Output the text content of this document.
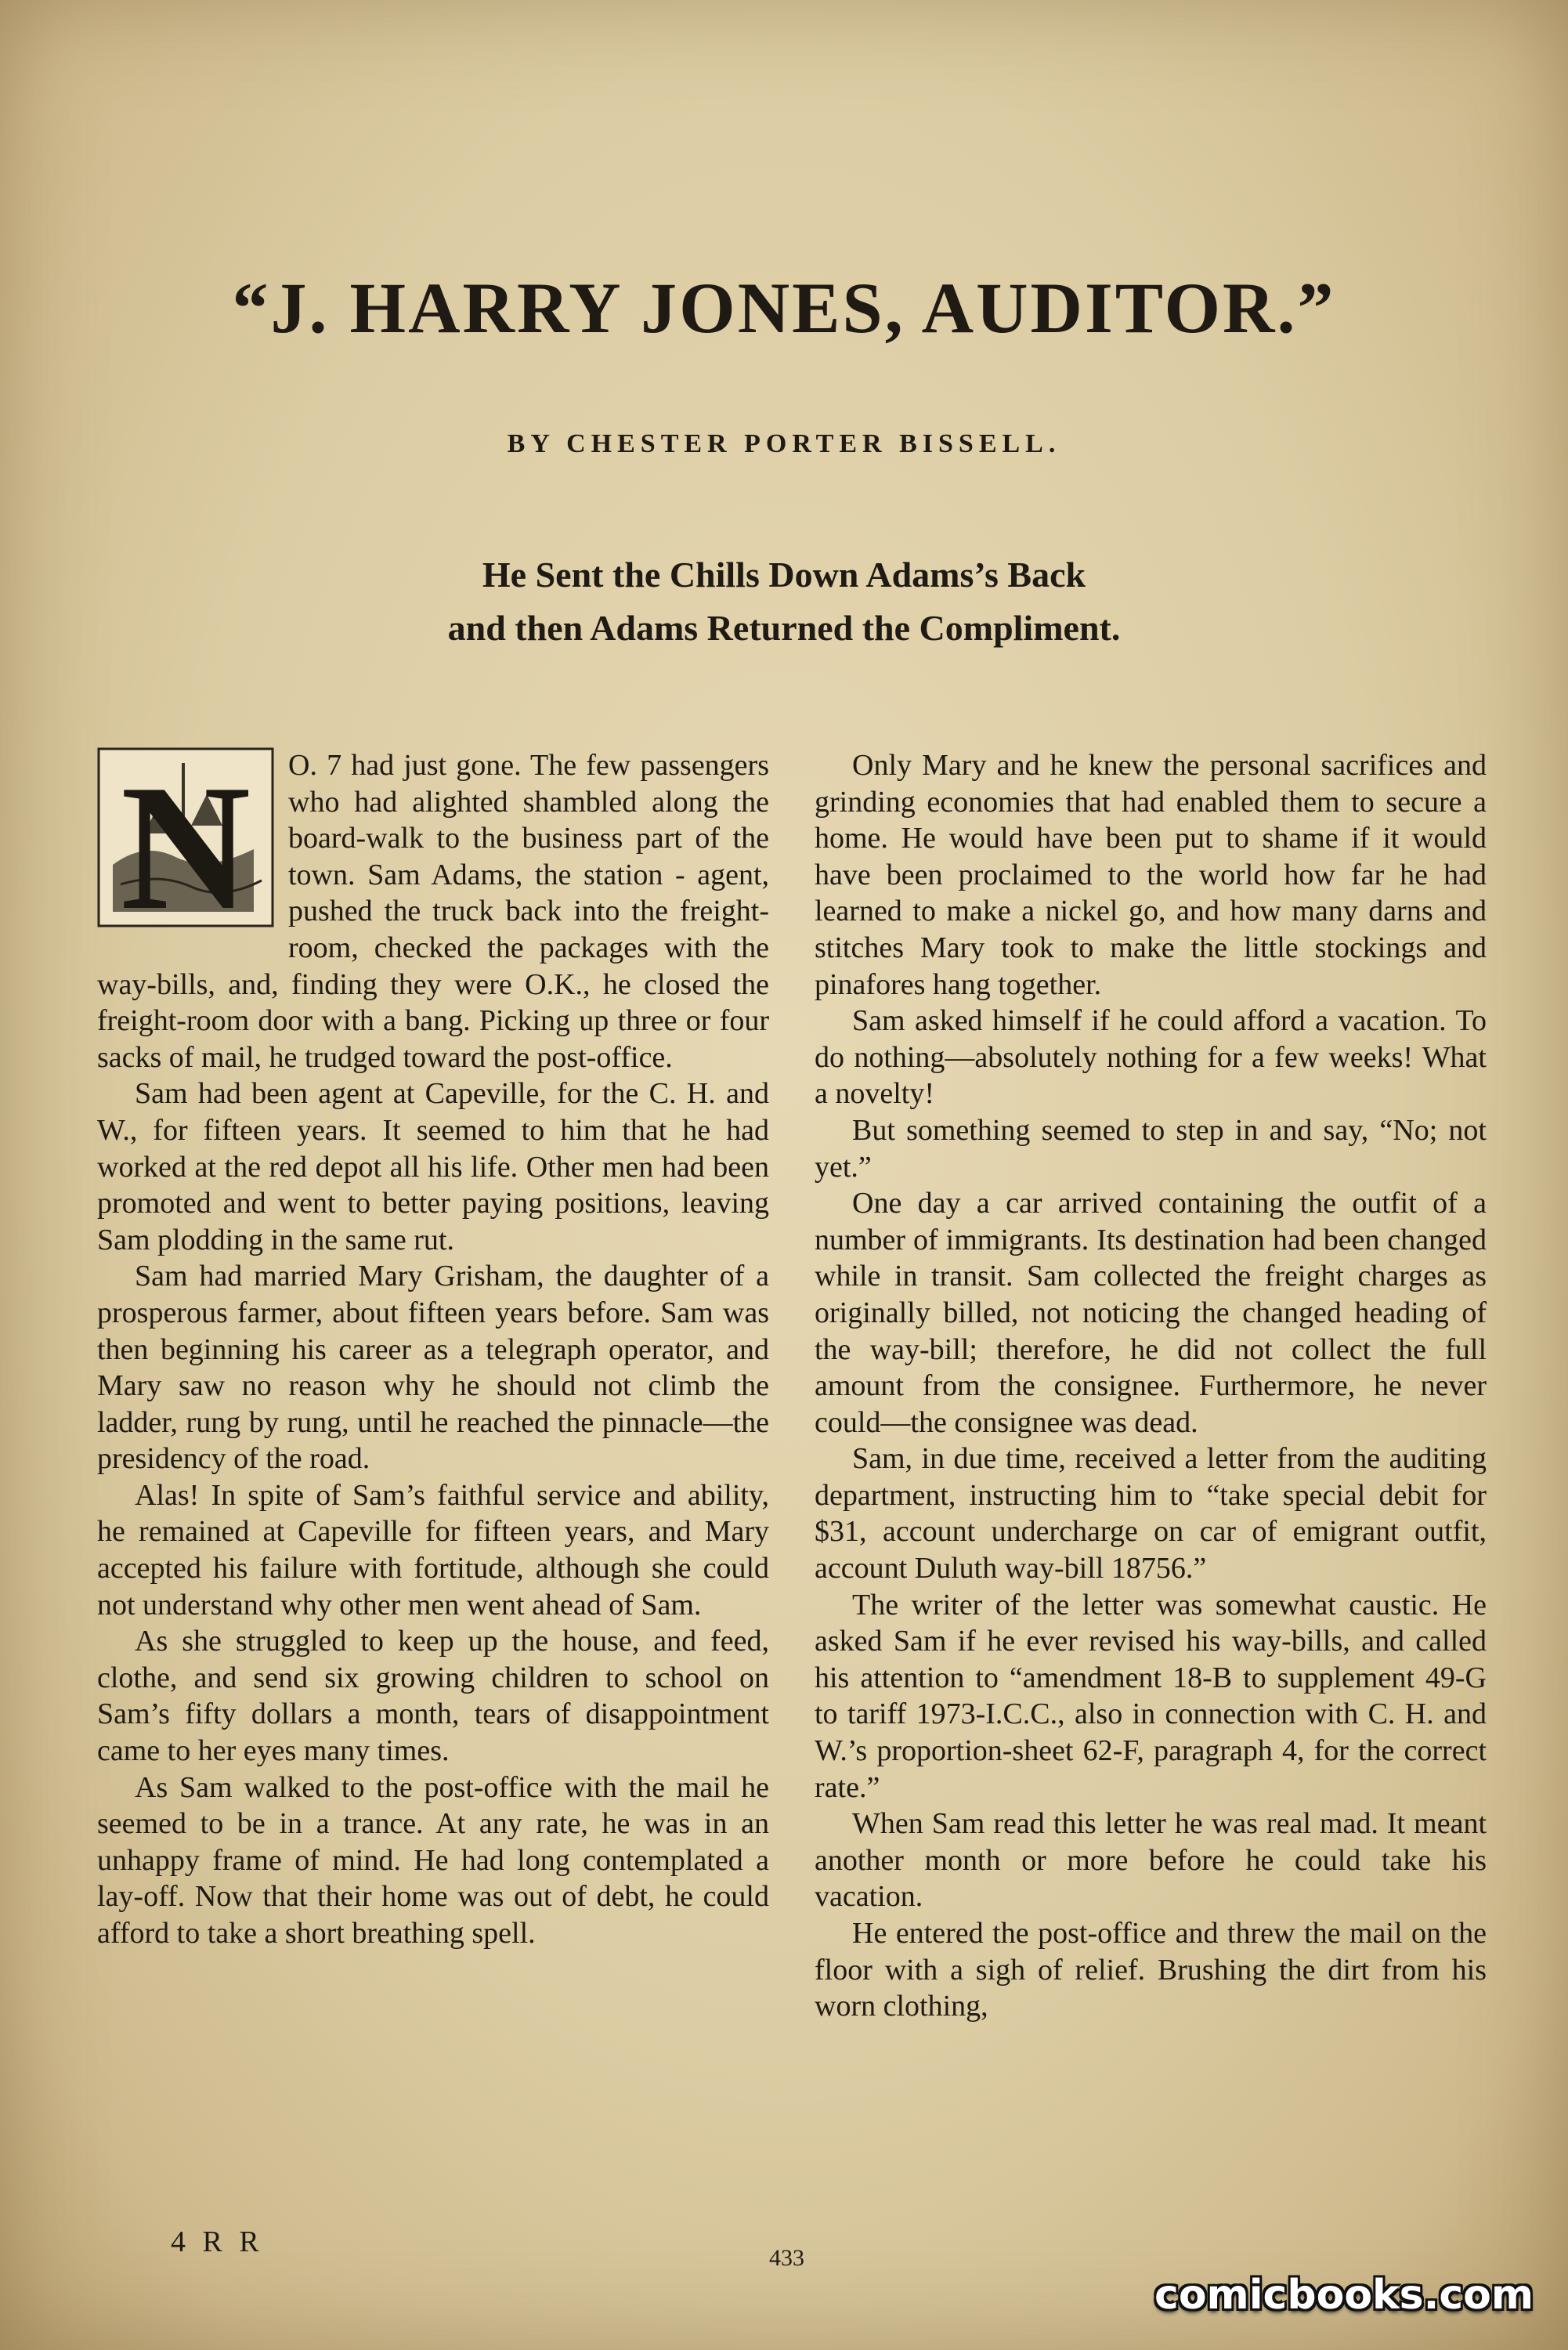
“J. HARRY JONES, AUDITOR.”
BY CHESTER PORTER BISSELL.
He Sent the Chills Down Adams’s Back
and then Adams Returned the Compliment.
N	O. 7 had just gone. The few passengers who had alighted shambled along the board-walk to the business part of the town. Sam Adams, the station - agent, pushed the truck back into the freight-room, checked the packages with the way-bills, and, finding they were O.K., he closed the freight-room door with a bang. Picking up three or four sacks of mail, he trudged toward the post-office.

Sam had been agent at Capeville, for the C. H. and W., for fifteen years. It seemed to him that he had worked at the red depot all his life. Other men had been promoted and went to better paying positions, leaving Sam plodding in the same rut.

Sam had married Mary Grisham, the daughter of a prosperous farmer, about fifteen years before. Sam was then beginning his career as a telegraph operator, and Mary saw no reason why he should not climb the ladder, rung by rung, until he reached the pinnacle—the presidency of the road.

Alas! In spite of Sam’s faithful service and ability, he remained at Capeville for fifteen years, and Mary accepted his failure with fortitude, although she could not understand why other men went ahead of Sam.

As she struggled to keep up the house, and feed, clothe, and send six growing children to school on Sam’s fifty dollars a month, tears of disappointment came to her eyes many times.

As Sam walked to the post-office with the mail he seemed to be in a trance. At any rate, he was in an unhappy frame of mind. He had long contemplated a lay-off. Now that their home was out of debt, he could afford to take a short breathing spell.

Only Mary and he knew the personal sacrifices and grinding economies that had enabled them to secure a home. He would have been put to shame if it would have been proclaimed to the world how far he had learned to make a nickel go, and how many darns and stitches Mary took to make the little stockings and pinafores hang together.

Sam asked himself if he could afford a vacation. To do nothing—absolutely nothing for a few weeks! What a novelty!

But something seemed to step in and say, “No; not yet.”

One day a car arrived containing the outfit of a number of immigrants. Its destination had been changed while in transit. Sam collected the freight charges as originally billed, not noticing the changed heading of the way-bill; therefore, he did not collect the full amount from the consignee. Furthermore, he never could—the consignee was dead.

Sam, in due time, received a letter from the auditing department, instructing him to “take special debit for $31, account undercharge on car of emigrant outfit, account Duluth way-bill 18756.”

The writer of the letter was somewhat caustic. He asked Sam if he ever revised his way-bills, and called his attention to “amendment 18-B to supplement 49-G to tariff 1973-I.C.C., also in connection with C. H. and W.’s proportion-sheet 62-F, paragraph 4, for the correct rate.”

When Sam read this letter he was real mad. It meant another month or more before he could take his vacation.

He entered the post-office and threw the mail on the floor with a sigh of relief. Brushing the dirt from his worn clothing,

4 R R	433
comicbooks.com
